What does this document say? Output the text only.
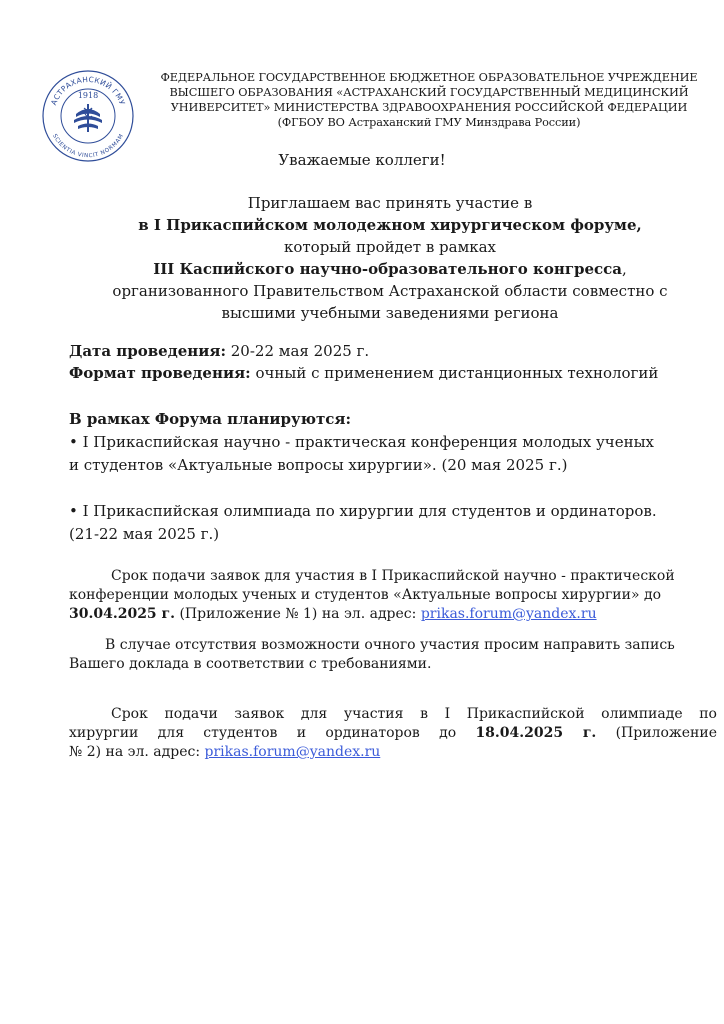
АСТРАХАНСКИЙ ГМУ
SCIENTIA VINCIT NORMAM
1918
ФЕДЕРАЛЬНОЕ ГОСУДАРСТВЕННОЕ БЮДЖЕТНОЕ ОБРАЗОВАТЕЛЬНОЕ УЧРЕЖДЕНИЕ
ВЫСШЕГО ОБРАЗОВАНИЯ «АСТРАХАНСКИЙ ГОСУДАРСТВЕННЫЙ МЕДИЦИНСКИЙ
УНИВЕРСИТЕТ» МИНИСТЕРСТВА ЗДРАВООХРАНЕНИЯ РОССИЙСКОЙ ФЕДЕРАЦИИ
(ФГБОУ ВО Астраханский ГМУ Минздрава России)
Уважаемые коллеги!
Приглашаем вас принять участие в
в I Прикаспийском молодежном хирургическом форуме,
который пройдет в рамках
III Каспийского научно-образовательного конгресса,
организованного Правительством Астраханской области совместно с
высшими учебными заведениями региона
Дата проведения: 20-22 мая 2025 г.
Формат проведения: очный с применением дистанционных технологий
В рамках Форума планируются:
• I Прикаспийская научно - практическая конференция молодых ученых
и студентов «Актуальные вопросы хирургии». (20 мая 2025 г.)
• I Прикаспийская олимпиада по хирургии для студентов и ординаторов.
(21-22 мая 2025 г.)
Срок подачи заявок для участия в I Прикаспийской научно - практической
конференции молодых ученых и студентов «Актуальные вопросы хирургии» до
30.04.2025 г. (Приложение № 1) на эл. адрес: prikas.forum@yandex.ru
В случае отсутствия возможности очного участия просим направить запись
Вашего доклада в соответствии с требованиями.
Срок подачи заявок для участия в I Прикаспийской олимпиаде по
хирургии для студентов и ординаторов до 18.04.2025 г. (Приложение
№ 2) на эл. адрес: prikas.forum@yandex.ru
